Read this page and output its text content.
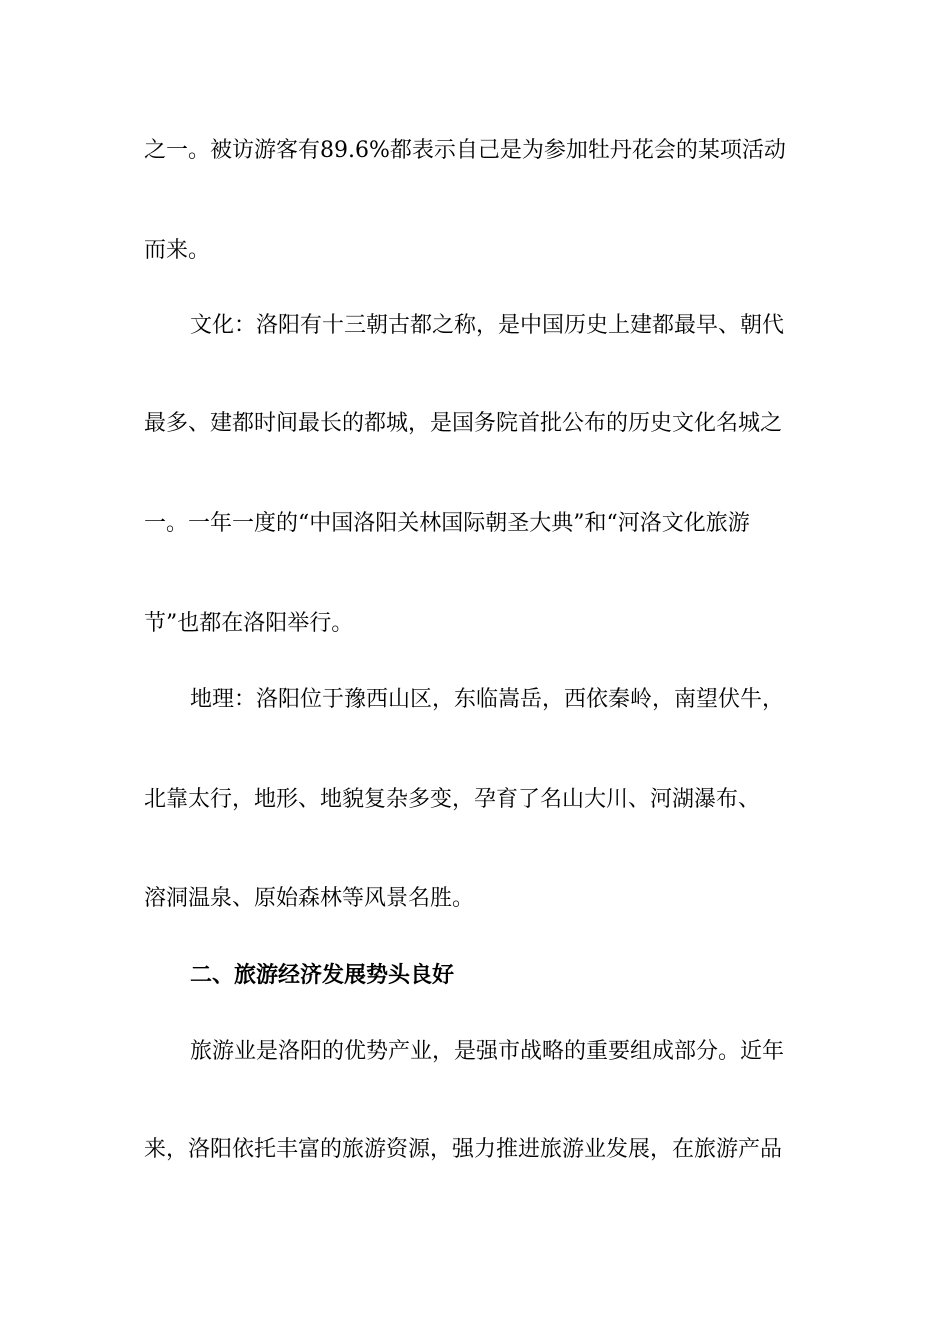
之一。被访游客有89.6%都表示自己是为参加牡丹花会的某项活动
而来。
文化：洛阳有十三朝古都之称，是中国历史上建都最早、朝代
最多、建都时间最长的都城，是国务院首批公布的历史文化名城之
一。一年一度的“中国洛阳关林国际朝圣大典”和“河洛文化旅游
节”也都在洛阳举行。
地理：洛阳位于豫西山区，东临嵩岳，西依秦岭，南望伏牛，
北靠太行，地形、地貌复杂多变，孕育了名山大川、河湖瀑布、
溶洞温泉、原始森林等风景名胜。
二、旅游经济发展势头良好
旅游业是洛阳的优势产业，是强市战略的重要组成部分。近年
来，洛阳依托丰富的旅游资源，强力推进旅游业发展，在旅游产品
